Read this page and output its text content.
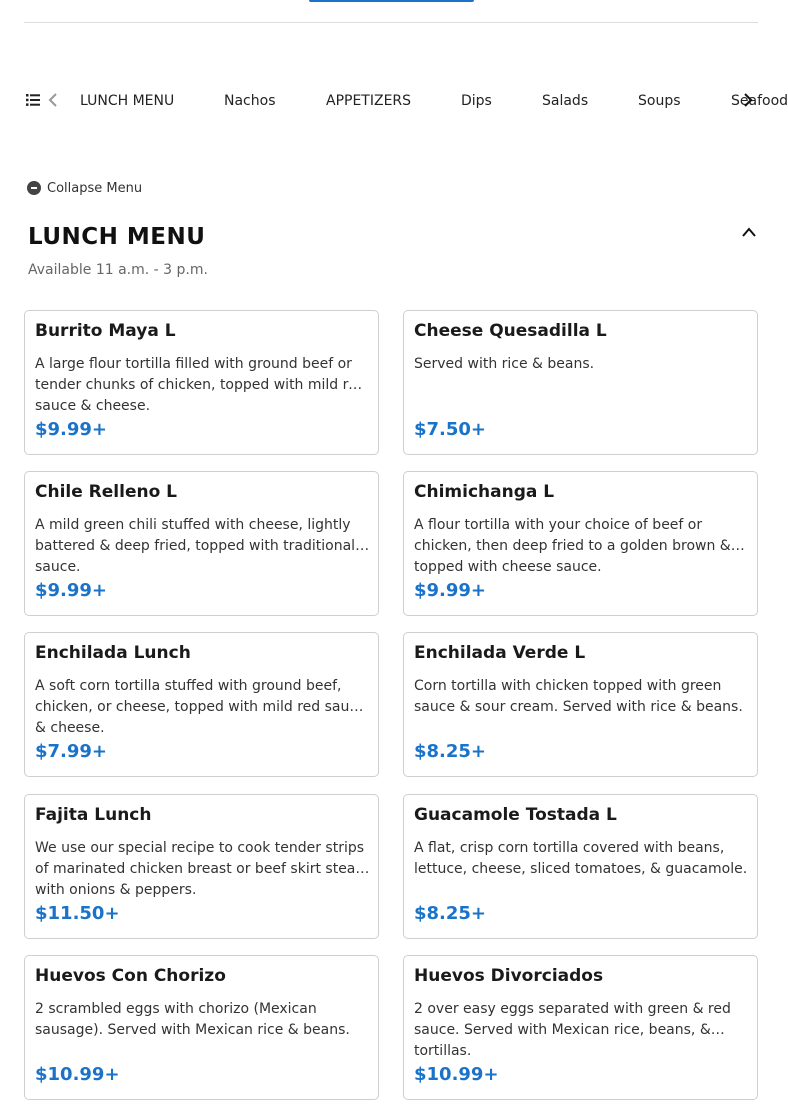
LUNCH MENU	Nachos	APPETIZERS	Dips	Salads	Soups	Seafood
Collapse Menu
LUNCH MENU
Available 11 a.m. - 3 p.m.
Burrito Maya L
A large flour tortilla filled with ground beef or tender chunks of chicken, topped with mild red sauce & cheese.
$9.99+
Cheese Quesadilla L
Served with rice & beans.
$7.50+
Chile Relleno L
A mild green chili stuffed with cheese, lightly battered & deep fried, topped with traditional sauce.
$9.99+
Chimichanga L
A flour tortilla with your choice of beef or chicken, then deep fried to a golden brown & topped with cheese sauce.
$9.99+
Enchilada Lunch
A soft corn tortilla stuffed with ground beef, chicken, or cheese, topped with mild red sauce & cheese.
$7.99+
Enchilada Verde L
Corn tortilla with chicken topped with green sauce & sour cream. Served with rice & beans.
$8.25+
Fajita Lunch
We use our special recipe to cook tender strips of marinated chicken breast or beef skirt steak with onions & peppers.
$11.50+
Guacamole Tostada L
A flat, crisp corn tortilla covered with beans, lettuce, cheese, sliced tomatoes, & guacamole.
$8.25+
Huevos Con Chorizo
2 scrambled eggs with chorizo (Mexican sausage). Served with Mexican rice & beans.
$10.99+
Huevos Divorciados
2 over easy eggs separated with green & red sauce. Served with Mexican rice, beans, & tortillas.
$10.99+
